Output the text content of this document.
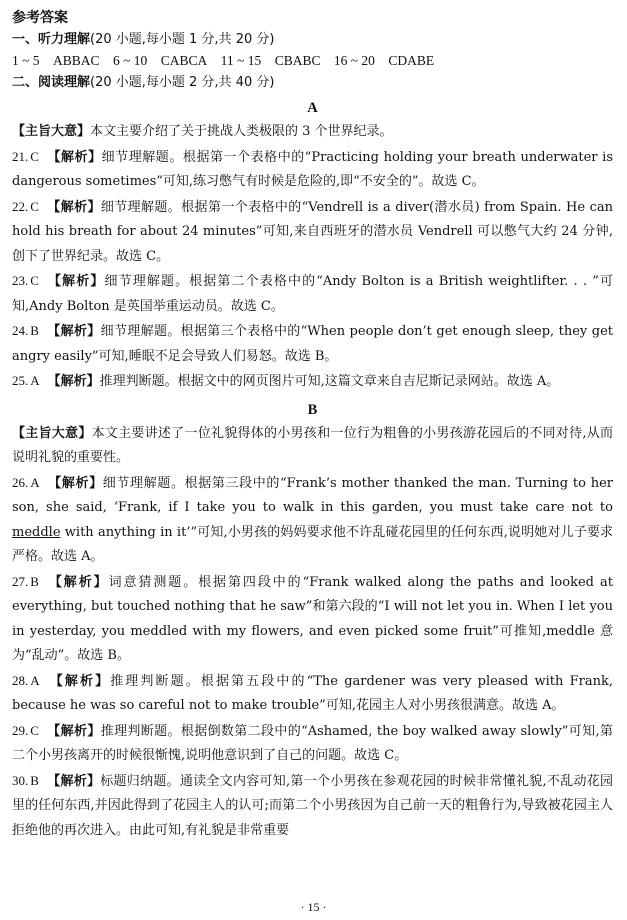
参考答案
一、听力理解(20 小题,每小题 1 分,共 20 分)
1 ~ 5　ABBAC 6 ~ 10　CABCA 11 ~ 15　CBABC 16 ~ 20　CDABE
二、阅读理解(20 小题,每小题 2 分,共 40 分)
A
【主旨大意】本文主要介绍了关于挑战人类极限的 3 个世界纪录。
21. C 【解析】细节理解题。根据第一个表格中的“Practicing holding your breath underwater is dangerous sometimes”可知,练习憋气有时候是危险的,即“不安全的”。故选 C。
22. C 【解析】细节理解题。根据第一个表格中的“Vendrell is a diver(潜水员) from Spain. He can hold his breath for about 24 minutes”可知,来自西班牙的潜水员 Vendrell 可以憋气大约 24 分钟,创下了世界纪录。故选 C。
23. C 【解析】细节理解题。根据第二个表格中的“Andy Bolton is a British weightlifter. . . ”可知,Andy Bolton 是英国举重运动员。故选 C。
24. B 【解析】细节理解题。根据第三个表格中的“When people don’t get enough sleep, they get angry easily”可知,睡眠不足会导致人们易怒。故选 B。
25. A 【解析】推理判断题。根据文中的网页图片可知,这篇文章来自吉尼斯记录网站。故选 A。
B
【主旨大意】本文主要讲述了一位礼貌得体的小男孩和一位行为粗鲁的小男孩游花园后的不同对待,从而说明礼貌的重要性。
26. A 【解析】细节理解题。根据第三段中的“Frank’s mother thanked the man. Turning to her son, she said, ‘Frank, if I take you to walk in this garden, you must take care not to meddle with anything in it’”可知,小男孩的妈妈要求他不许乱碰花园里的任何东西,说明她对儿子要求严格。故选 A。
27. B 【解析】词意猜测题。根据第四段中的“Frank walked along the paths and looked at everything, but touched nothing that he saw”和第六段的“I will not let you in. When I let you in yesterday, you meddled with my flowers, and even picked some fruit”可推知,meddle 意为“乱动”。故选 B。
28. A 【解析】推理判断题。根据第五段中的“The gardener was very pleased with Frank, because he was so careful not to make trouble”可知,花园主人对小男孩很满意。故选 A。
29. C 【解析】推理判断题。根据倒数第二段中的“Ashamed, the boy walked away slowly”可知,第二个小男孩离开的时候很惭愧,说明他意识到了自己的问题。故选 C。
30. B 【解析】标题归纳题。通读全文内容可知,第一个小男孩在参观花园的时候非常懂礼貌,不乱动花园里的任何东西,并因此得到了花园主人的认可;而第二个小男孩因为自己前一天的粗鲁行为,导致被花园主人拒绝他的再次进入。由此可知,有礼貌是非常重要
· 15 ·
